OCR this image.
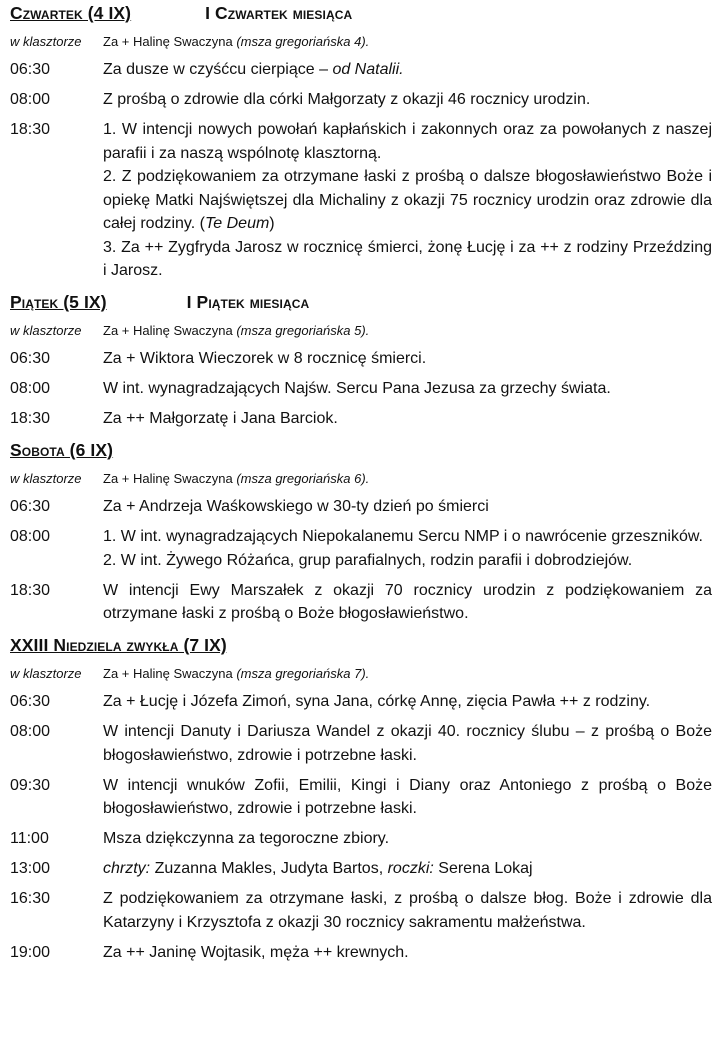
Czwartek (4 IX)	I Czwartek miesiąca
w klasztorze	Za + Halinę Swaczyna (msza gregoriańska 4).
06:30	Za dusze w czyśćcu cierpiące – od Natalii.
08:00	Z prośbą o zdrowie dla córki Małgorzaty z okazji 46 rocznicy urodzin.
18:30	1. W intencji nowych powołań kapłańskich i zakonnych oraz za powołanych z naszej parafii i za naszą wspólnotę klasztorną.
2. Z podziękowaniem za otrzymane łaski z prośbą o dalsze błogosławieństwo Boże i opiekę Matki Najświętszej dla Michaliny z okazji 75 rocznicy urodzin oraz zdrowie dla całej rodziny. (Te Deum)
3. Za ++ Zygfryda Jarosz w rocznicę śmierci, żonę Łucję i za ++ z rodziny Przeździng i Jarosz.
Piątek (5 IX)	I Piątek miesiąca
w klasztorze	Za + Halinę Swaczyna (msza gregoriańska 5).
06:30	Za + Wiktora Wieczorek w 8 rocznicę śmierci.
08:00	W int. wynagradzających Najśw. Sercu Pana Jezusa za grzechy świata.
18:30	Za ++ Małgorzatę i Jana Barciok.
Sobota (6 IX)
w klasztorze	Za + Halinę Swaczyna (msza gregoriańska 6).
06:30	Za + Andrzeja Waśkowskiego w 30-ty dzień po śmierci
08:00	1. W int. wynagradzających Niepokalanemu Sercu NMP i o nawrócenie grzeszników.
2. W int. Żywego Różańca, grup parafialnych, rodzin parafii i dobrodziejów.
18:30	W intencji Ewy Marszałek z okazji 70 rocznicy urodzin z podziękowaniem za otrzymane łaski z prośbą o Boże błogosławieństwo.
XXIII Niedziela zwykła (7 IX)
w klasztorze	Za + Halinę Swaczyna (msza gregoriańska 7).
06:30	Za + Łucję i Józefa Zimoń, syna Jana, córkę Annę, zięcia Pawła ++ z rodziny.
08:00	W intencji Danuty i Dariusza Wandel z okazji 40. rocznicy ślubu – z prośbą o Boże błogosławieństwo, zdrowie i potrzebne łaski.
09:30	W intencji wnuków Zofii, Emilii, Kingi i Diany oraz Antoniego z prośbą o Boże błogosławieństwo, zdrowie i potrzebne łaski.
11:00	Msza dziękczynna za tegoroczne zbiory.
13:00	chrzty: Zuzanna Makles, Judyta Bartos, roczki: Serena Lokaj
16:30	Z podziękowaniem za otrzymane łaski, z prośbą o dalsze błog. Boże i zdrowie dla Katarzyny i Krzysztofa z okazji 30 rocznicy sakramentu małżeństwa.
19:00	Za ++ Janinę Wojtasik, męża ++ krewnych.
